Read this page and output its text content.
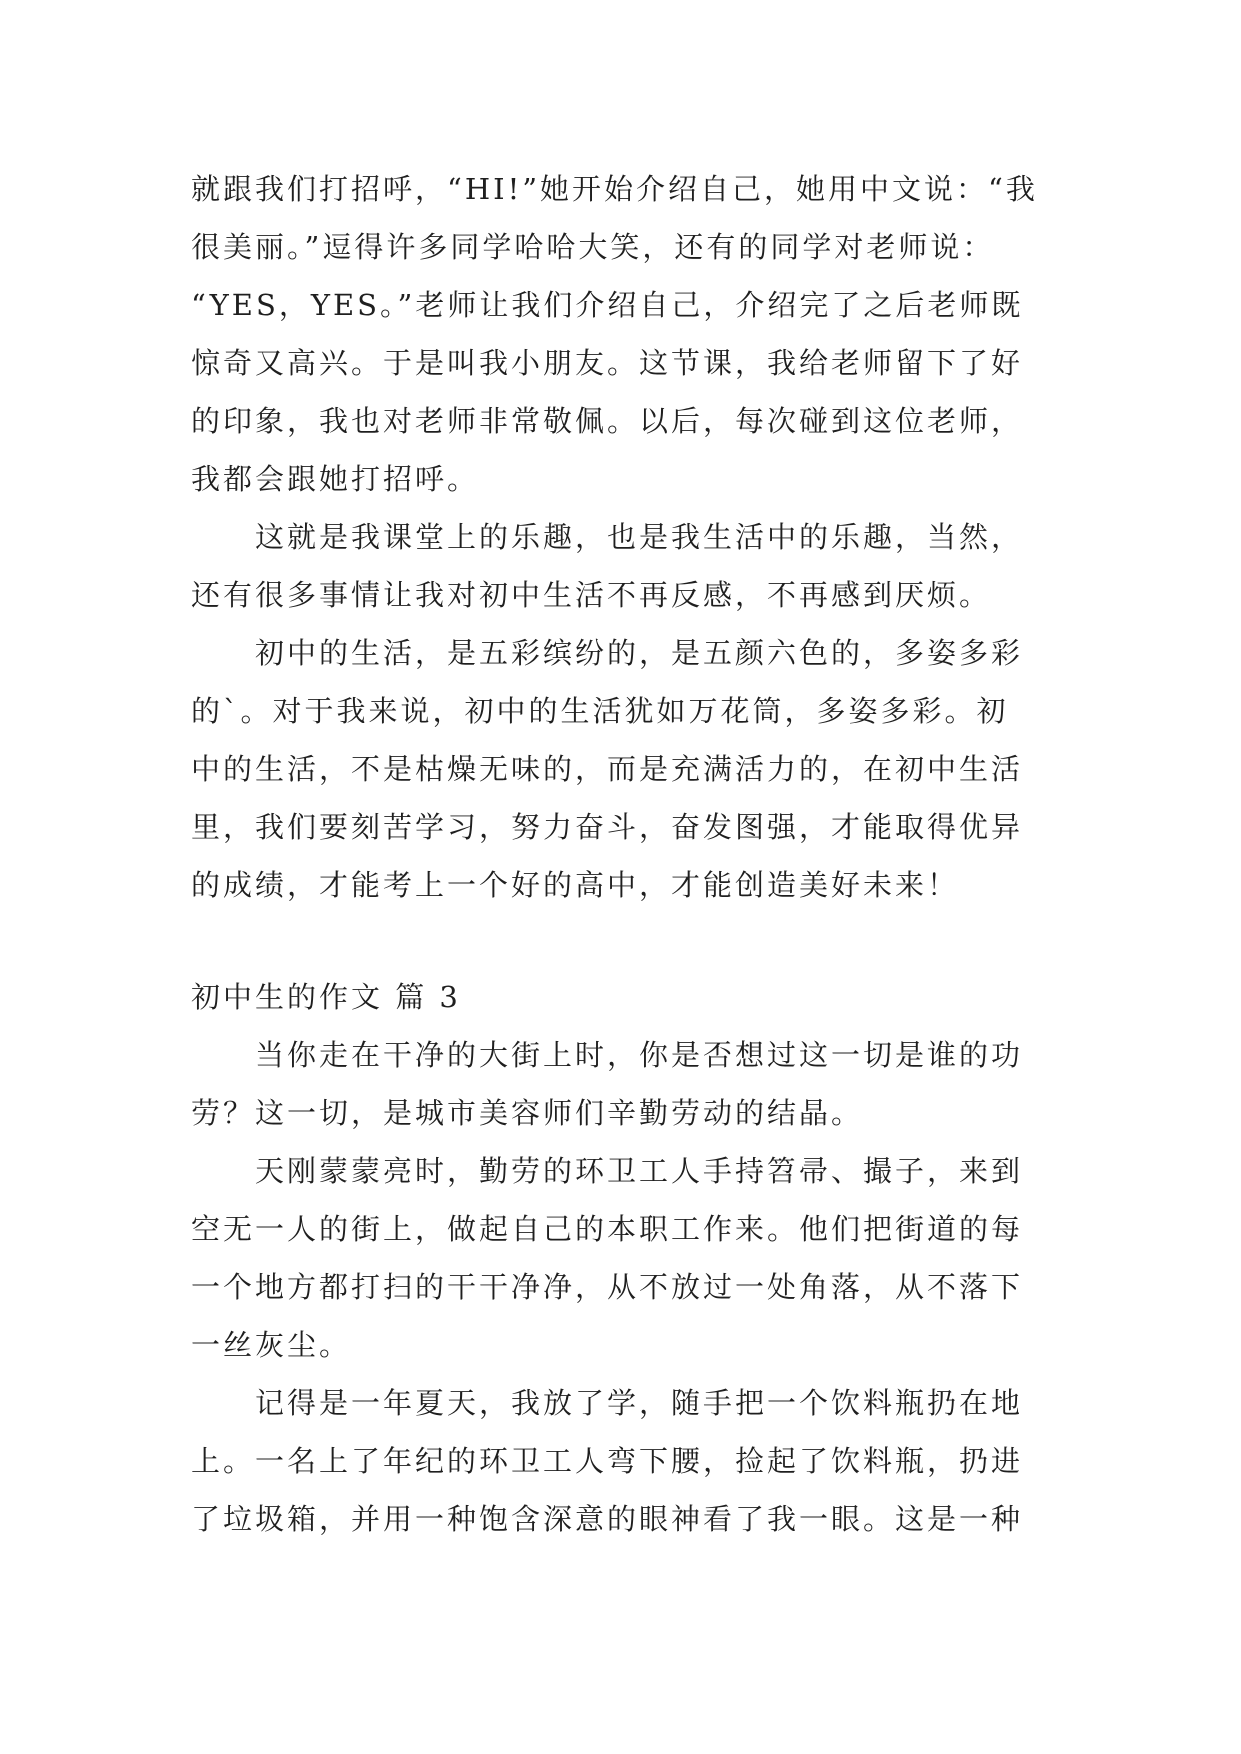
就跟我们打招呼，“HI!”她开始介绍自己，她用中文说：“我
很美丽。”逗得许多同学哈哈大笑，还有的同学对老师说：
“YES，YES。”老师让我们介绍自己，介绍完了之后老师既
惊奇又高兴。于是叫我小朋友。这节课，我给老师留下了好
的印象，我也对老师非常敬佩。以后，每次碰到这位老师，
我都会跟她打招呼。
　　这就是我课堂上的乐趣，也是我生活中的乐趣，当然，
还有很多事情让我对初中生活不再反感，不再感到厌烦。
　　初中的生活，是五彩缤纷的，是五颜六色的，多姿多彩
的`。对于我来说，初中的生活犹如万花筒，多姿多彩。初
中的生活，不是枯燥无味的，而是充满活力的，在初中生活
里，我们要刻苦学习，努力奋斗，奋发图强，才能取得优异
的成绩，才能考上一个好的高中，才能创造美好未来！
初中生的作文 篇 3
　　当你走在干净的大街上时，你是否想过这一切是谁的功
劳？这一切，是城市美容师们辛勤劳动的结晶。
　　天刚蒙蒙亮时，勤劳的环卫工人手持笤帚、撮子，来到
空无一人的街上，做起自己的本职工作来。他们把街道的每
一个地方都打扫的干干净净，从不放过一处角落，从不落下
一丝灰尘。
　　记得是一年夏天，我放了学，随手把一个饮料瓶扔在地
上。一名上了年纪的环卫工人弯下腰，捡起了饮料瓶，扔进
了垃圾箱，并用一种饱含深意的眼神看了我一眼。这是一种
